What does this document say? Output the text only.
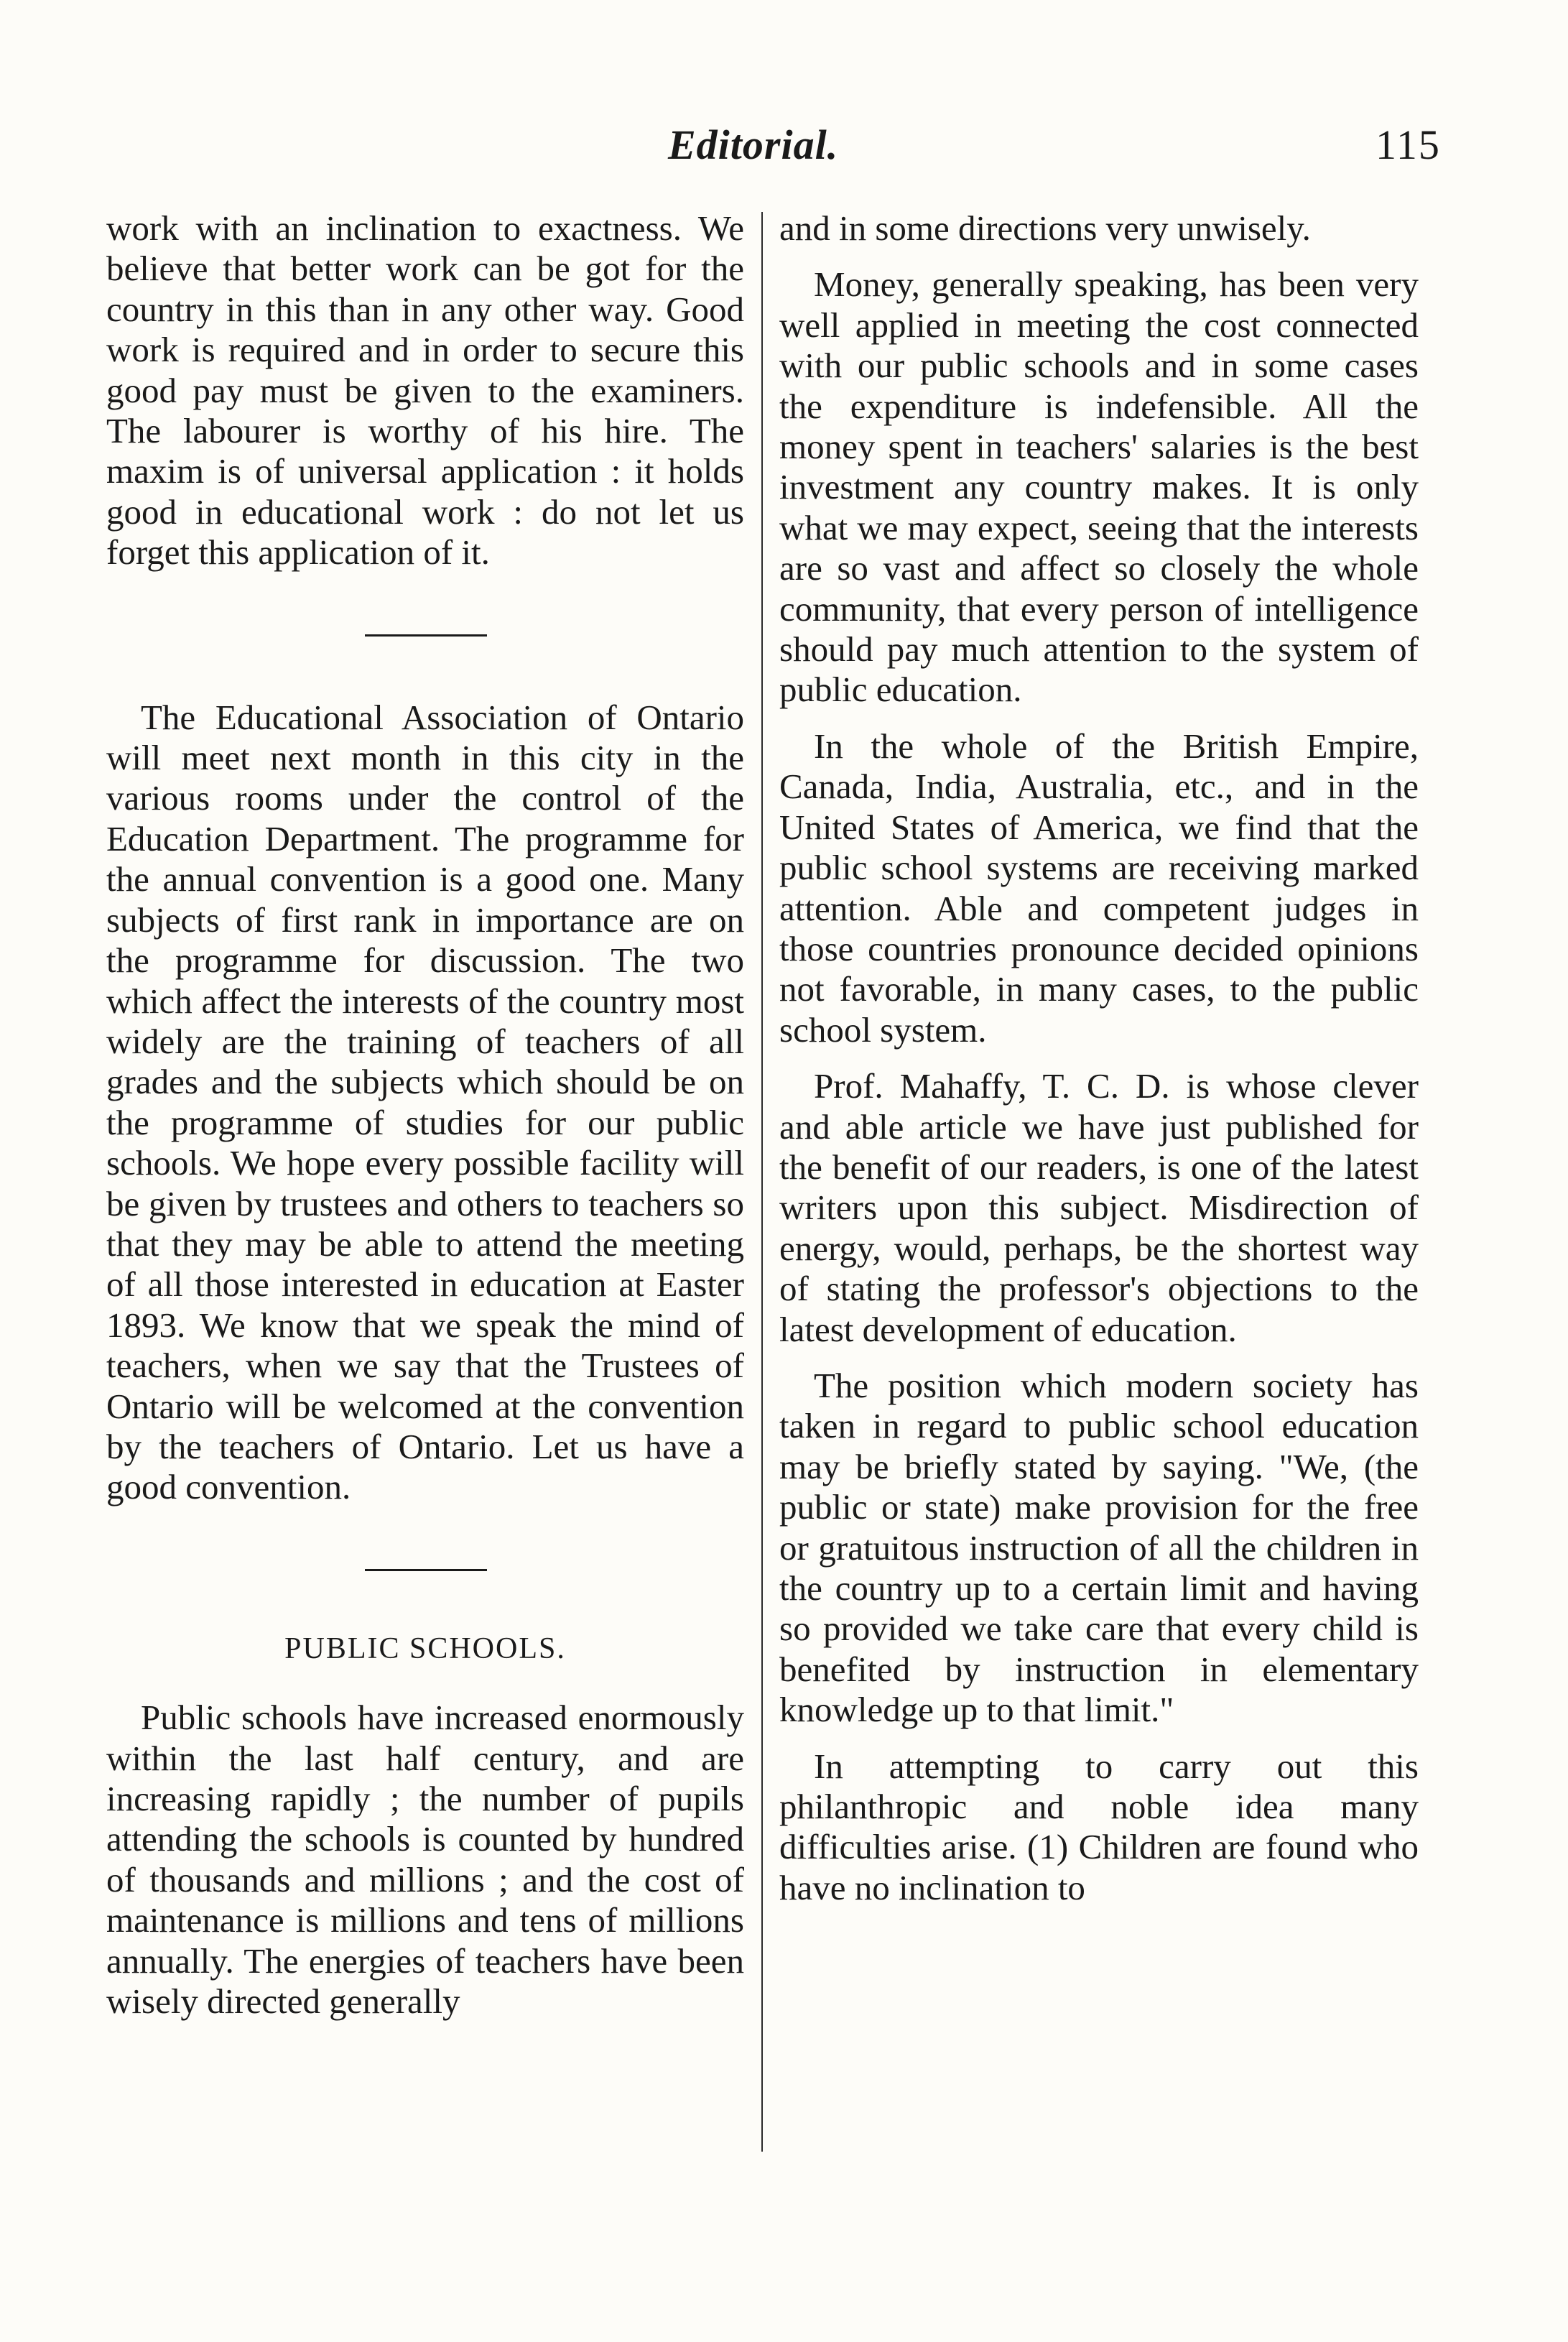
Editorial.	115

work with an inclination to exactness. We believe that better work can be got for the country in this than in any other way. Good work is required and in order to secure this good pay must be given to the examiners. The labourer is worthy of his hire. The maxim is of universal application : it holds good in educational work : do not let us forget this application of it.

The Educational Association of Ontario will meet next month in this city in the various rooms under the control of the Education Department. The programme for the annual convention is a good one. Many subjects of first rank in importance are on the programme for discussion. The two which affect the interests of the country most widely are the training of teachers of all grades and the subjects which should be on the programme of studies for our public schools. We hope every possible facility will be given by trustees and others to teachers so that they may be able to attend the meeting of all those interested in education at Easter 1893. We know that we speak the mind of teachers, when we say that the Trustees of Ontario will be welcomed at the convention by the teachers of Ontario. Let us have a good convention.

PUBLIC SCHOOLS.

Public schools have increased enormously within the last half century, and are increasing rapidly ; the number of pupils attending the schools is counted by hundred of thousands and millions ; and the cost of maintenance is millions and tens of millions annually. The energies of teachers have been wisely directed generally

and in some directions very unwisely.

Money, generally speaking, has been very well applied in meeting the cost connected with our public schools and in some cases the expenditure is indefensible. All the money spent in teachers' salaries is the best investment any country makes. It is only what we may expect, seeing that the interests are so vast and affect so closely the whole community, that every person of intelligence should pay much attention to the system of public education.

In the whole of the British Empire, Canada, India, Australia, etc., and in the United States of America, we find that the public school systems are receiving marked attention. Able and competent judges in those countries pronounce decided opinions not favorable, in many cases, to the public school system.

Prof. Mahaffy, T. C. D. is whose clever and able article we have just published for the benefit of our readers, is one of the latest writers upon this subject. Misdirection of energy, would, perhaps, be the shortest way of stating the professor's objections to the latest development of education.

The position which modern society has taken in regard to public school education may be briefly stated by saying. "We, (the public or state) make provision for the free or gratuitous instruction of all the children in the country up to a certain limit and having so provided we take care that every child is benefited by instruction in elementary knowledge up to that limit."

In attempting to carry out this philanthropic and noble idea many difficulties arise. (1) Children are found who have no inclination to
